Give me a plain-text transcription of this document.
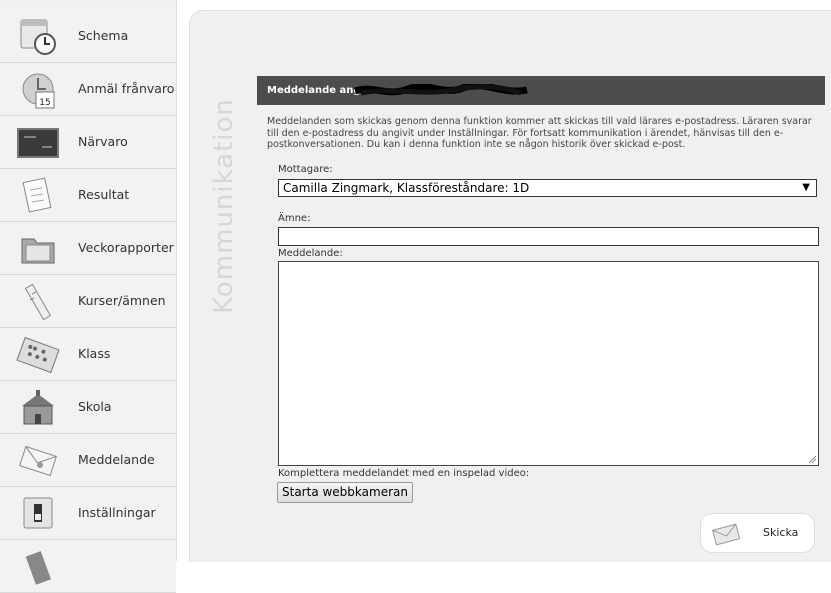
Schema
15
Anmäl frånvaro
Närvaro
Resultat
Veckorapporter
Kurser/ämnen
Klass
Skola
Meddelande
Inställningar
Kommunikation
Meddelande ang.
Meddelanden som skickas genom denna funktion kommer att skickas till vald lärares e-postadress. Läraren svarar till den e-postadress du angivit under Inställningar. För fortsatt kommunikation i ärendet, hänvisas till den e-postkonversationen. Du kan i denna funktion inte se någon historik över skickad e-post.
Mottagare:
Camilla Zingmark, Klassföreståndare: 1D	▼
Ämne:
Meddelande:
Komplettera meddelandet med en inspelad video:
Starta webbkameran
Skicka
